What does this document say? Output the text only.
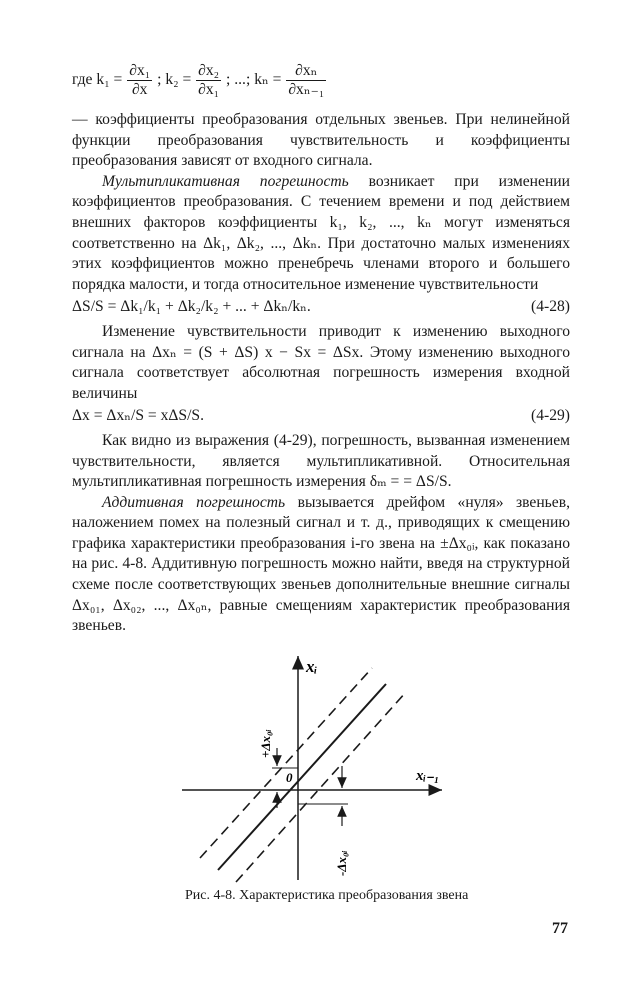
где $k_1 = \frac{\text{∂x₁}}{\partial x}$ ; $k_2 = \frac{\text{∂x₂}}{\text{∂x₁}}$ ; ...; $k_n = \frac{\text{∂xₙ}}{\text{∂xₙ₋₁}}$

— коэффициенты преобразования отдельных звеньев. При нелинейной функции преобразования чувствительность и коэффициенты преобразования зависят от входного сигнала.

Мультипликативная погрешность возникает при изменении коэффициентов преобразования. С течением времени и под действием внешних факторов коэффициенты k₁, k₂, ..., kₙ могут изменяться соответственно на Δk₁, Δk₂, ..., Δkₙ. При достаточно малых изменениях этих коэффициентов можно пренебречь членами второго и большего порядка малости, и тогда относительное изменение чувствительности

ΔS/S = Δk₁/k₁ + Δk₂/k₂ + ... + Δkₙ/kₙ.	(4-28)

Изменение чувствительности приводит к изменению выходного сигнала на Δxₙ = (S + ΔS) x − Sx = ΔSx. Этому изменению выходного сигнала соответствует абсолютная погрешность измерения входной величины

Δx = Δxₙ/S = xΔS/S.	(4-29)

Как видно из выражения (4-29), погрешность, вызванная изменением чувствительности, является мультипликативной. Относительная мультипликативная погрешность измерения δₘ = = ΔS/S.

Аддитивная погрешность вызывается дрейфом «нуля» звеньев, наложением помех на полезный сигнал и т. д., приводящих к смещению графика характеристики преобразования i-го звена на ±Δx₀ᵢ, как показано на рис. 4-8. Аддитивную погрешность можно найти, введя на структурной схеме после соответствующих звеньев дополнительные внешние сигналы Δx₀₁, Δx₀₂, ..., Δx₀ₙ, равные смещениям характеристик преобразования звеньев.

xᵢ
xᵢ₋₁
0
+Δx₀ᵢ
-Δx₀ᵢ
Рис. 4-8. Характеристика преобразования звена
77
